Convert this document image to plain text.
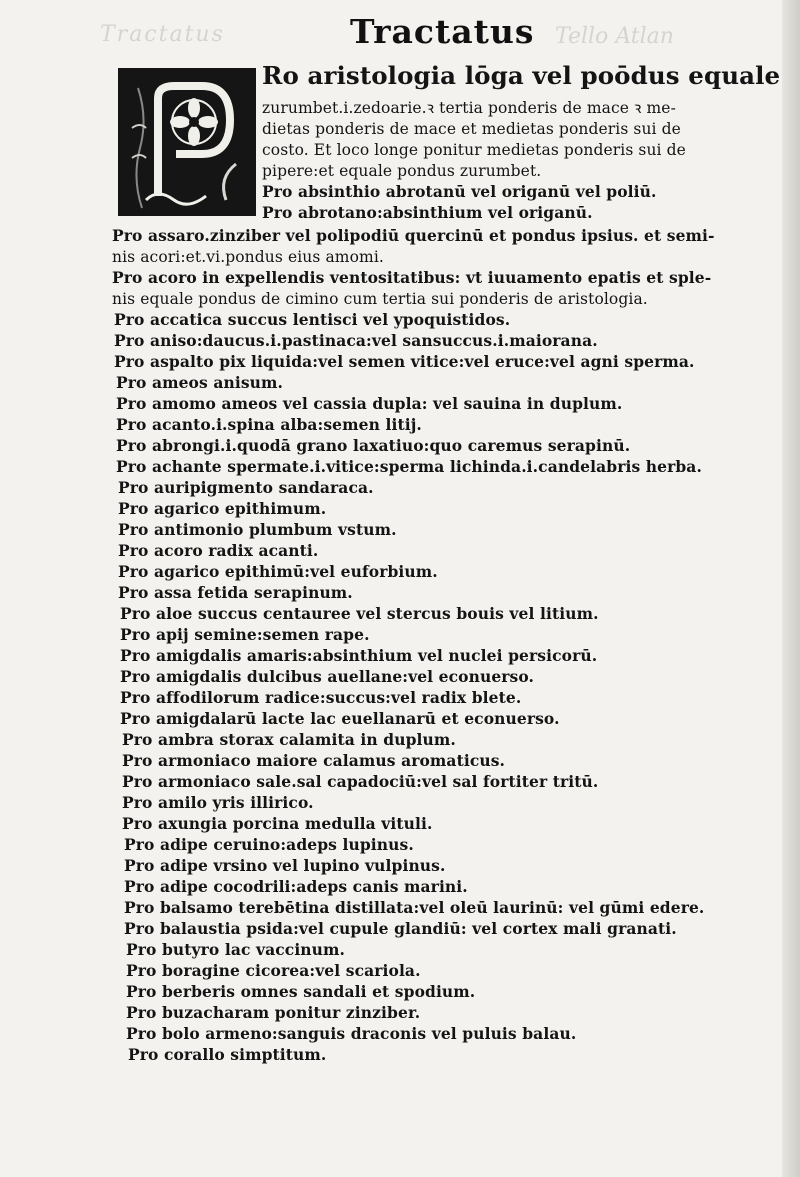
Tractatus	Tello Atlan
Tractatus
Ro aristologia lōga vel poōdus equale
zurumbet.i.zedoarie.ꝛ tertia ponderis de mace ꝛ me-
dietas ponderis de mace et medietas ponderis sui de
costo. Et loco longe ponitur medietas ponderis sui de
pipere:et equale pondus zurumbet.
Pro absinthio abrotanū vel origanū vel poliū.
Pro abrotano:absinthium vel origanū.
Pro assaro.zinziber vel polipodiū quercinū et pondus ipsius. et semi-
nis acori:et.vi.pondus eius amomi.
Pro acoro in expellendis ventositatibus: vt iuuamento epatis et sple-
nis equale pondus de cimino cum tertia sui ponderis de aristologia.
Pro accatica succus lentisci vel ypoquistidos.
Pro aniso:daucus.i.pastinaca:vel sansuccus.i.maiorana.
Pro aspalto pix liquida:vel semen vitice:vel eruce:vel agni sperma.
Pro ameos anisum.
Pro amomo ameos vel cassia dupla: vel sauina in duplum.
Pro acanto.i.spina alba:semen litij.
Pro abrongi.i.quodā grano laxatiuo:quo caremus serapinū.
Pro achante spermate.i.vitice:sperma lichinda.i.candelabris herba.
Pro auripigmento sandaraca.
Pro agarico epithimum.
Pro antimonio plumbum vstum.
Pro acoro radix acanti.
Pro agarico epithimū:vel euforbium.
Pro assa fetida serapinum.
Pro aloe succus centauree vel stercus bouis vel litium.
Pro apij semine:semen rape.
Pro amigdalis amaris:absinthium vel nuclei persicorū.
Pro amigdalis dulcibus auellane:vel econuerso.
Pro affodilorum radice:succus:vel radix blete.
Pro amigdalarū lacte lac euellanarū et econuerso.
Pro ambra storax calamita in duplum.
Pro armoniaco maiore calamus aromaticus.
Pro armoniaco sale.sal capadociū:vel sal fortiter tritū.
Pro amilo yris illirico.
Pro axungia porcina medulla vituli.
Pro adipe ceruino:adeps lupinus.
Pro adipe vrsino vel lupino vulpinus.
Pro adipe cocodrili:adeps canis marini.
Pro balsamo terebētina distillata:vel oleū laurinū: vel gūmi edere.
Pro balaustia psida:vel cupule glandiū: vel cortex mali granati.
Pro butyro lac vaccinum.
Pro boragine cicorea:vel scariola.
Pro berberis omnes sandali et spodium.
Pro buzacharam ponitur zinziber.
Pro bolo armeno:sanguis draconis vel puluis balau.
Pro corallo simptitum.
